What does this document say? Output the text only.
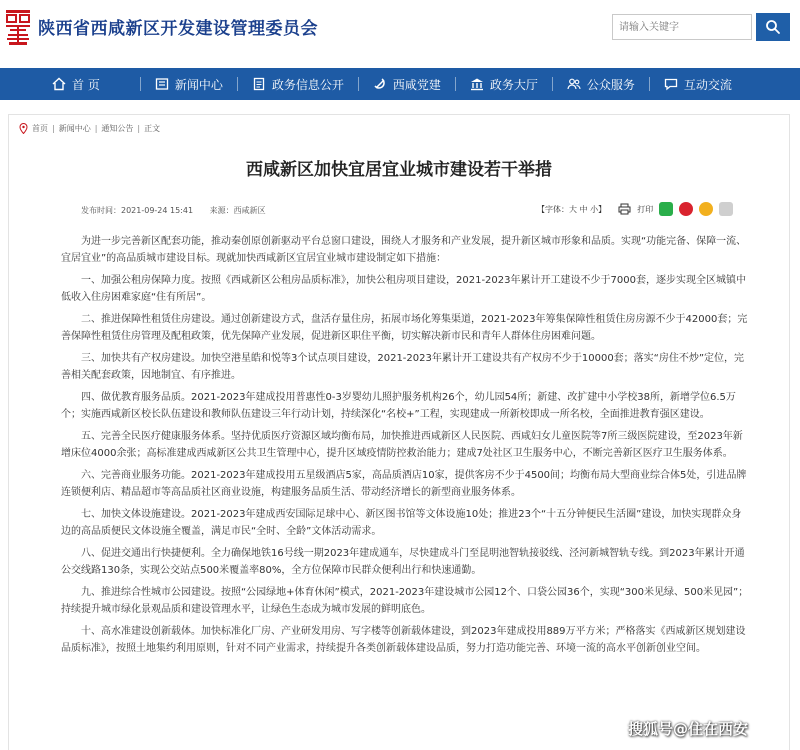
陕西省西咸新区开发建设管理委员会
请输入关键字
首 页	新闻中心	政务信息公开	西咸党建	政务大厅	公众服务	互动交流
首页 | 新闻中心 | 通知公告 | 正文
西咸新区加快宜居宜业城市建设若干举措
发布时间：2021-09-24 15:41 来源：西咸新区	【字体：大 中 小】	打印

为进一步完善新区配套功能，推动秦创原创新驱动平台总窗口建设，围绕人才服务和产业发展，提升新区城市形象和品质。实现“功能完备、保障一流、宜居宜业”的高品质城市建设目标。现就加快西咸新区宜居宜业城市建设制定如下措施：

一、加强公租房保障力度。按照《西咸新区公租房品质标准》，加快公租房项目建设，2021-2023年累计开工建设不少于7000套，逐步实现全区城镇中低收入住房困难家庭“住有所居”。

二、推进保障性租赁住房建设。通过创新建设方式，盘活存量住房，拓展市场化筹集渠道，2021-2023年筹集保障性租赁住房房源不少于42000套；完善保障性租赁住房管理及配租政策，优先保障产业发展，促进新区职住平衡，切实解决新市民和青年人群体住房困难问题。

三、加快共有产权房建设。加快空港星皓和悦等3个试点项目建设，2021-2023年累计开工建设共有产权房不少于10000套；落实“房住不炒”定位，完善相关配套政策，因地制宜、有序推进。

四、做优教育服务品质。2021-2023年建成投用普惠性0-3岁婴幼儿照护服务机构26个，幼儿园54所；新建、改扩建中小学校38所，新增学位6.5万个；实施西咸新区校长队伍建设和教师队伍建设三年行动计划，持续深化“名校+”工程，实现建成一所新校即成一所名校，全面推进教育强区建设。

五、完善全民医疗健康服务体系。坚持优质医疗资源区域均衡布局，加快推进西咸新区人民医院、西咸妇女儿童医院等7所三级医院建设，至2023年新增床位4000余张；高标准建成西咸新区公共卫生管理中心，提升区域疫情防控救治能力；建成7处社区卫生服务中心，不断完善新区医疗卫生服务体系。

六、完善商业服务功能。2021-2023年建成投用五星级酒店5家，高品质酒店10家，提供客房不少于4500间；均衡布局大型商业综合体5处，引进品牌连锁便利店、精品超市等高品质社区商业设施，构建服务品质生活、带动经济增长的新型商业服务体系。

七、加快文体设施建设。2021-2023年建成西安国际足球中心、新区图书馆等文体设施10处；推进23个“十五分钟便民生活圈”建设，加快实现群众身边的高品质便民文体设施全覆盖，满足市民“全时、全龄”文体活动需求。

八、促进交通出行快捷便利。全力确保地铁16号线一期2023年建成通车，尽快建成斗门至昆明池智轨接驳线、泾河新城智轨专线。到2023年累计开通公交线路130条，实现公交站点500米覆盖率80%，全方位保障市民群众便利出行和快速通勤。

九、推进综合性城市公园建设。按照“公园绿地+体育休闲”模式，2021-2023年建设城市公园12个、口袋公园36个，实现“300米见绿、500米见园”；持续提升城市绿化景观品质和建设管理水平，让绿色生态成为城市发展的鲜明底色。

十、高水准建设创新载体。加快标准化厂房、产业研发用房、写字楼等创新载体建设，到2023年建成投用889万平方米；严格落实《西咸新区规划建设品质标准》，按照土地集约利用原则，针对不同产业需求，持续提升各类创新载体建设品质，努力打造功能完善、环境一流的高水平创新创业空间。

搜狐号@住在西安
